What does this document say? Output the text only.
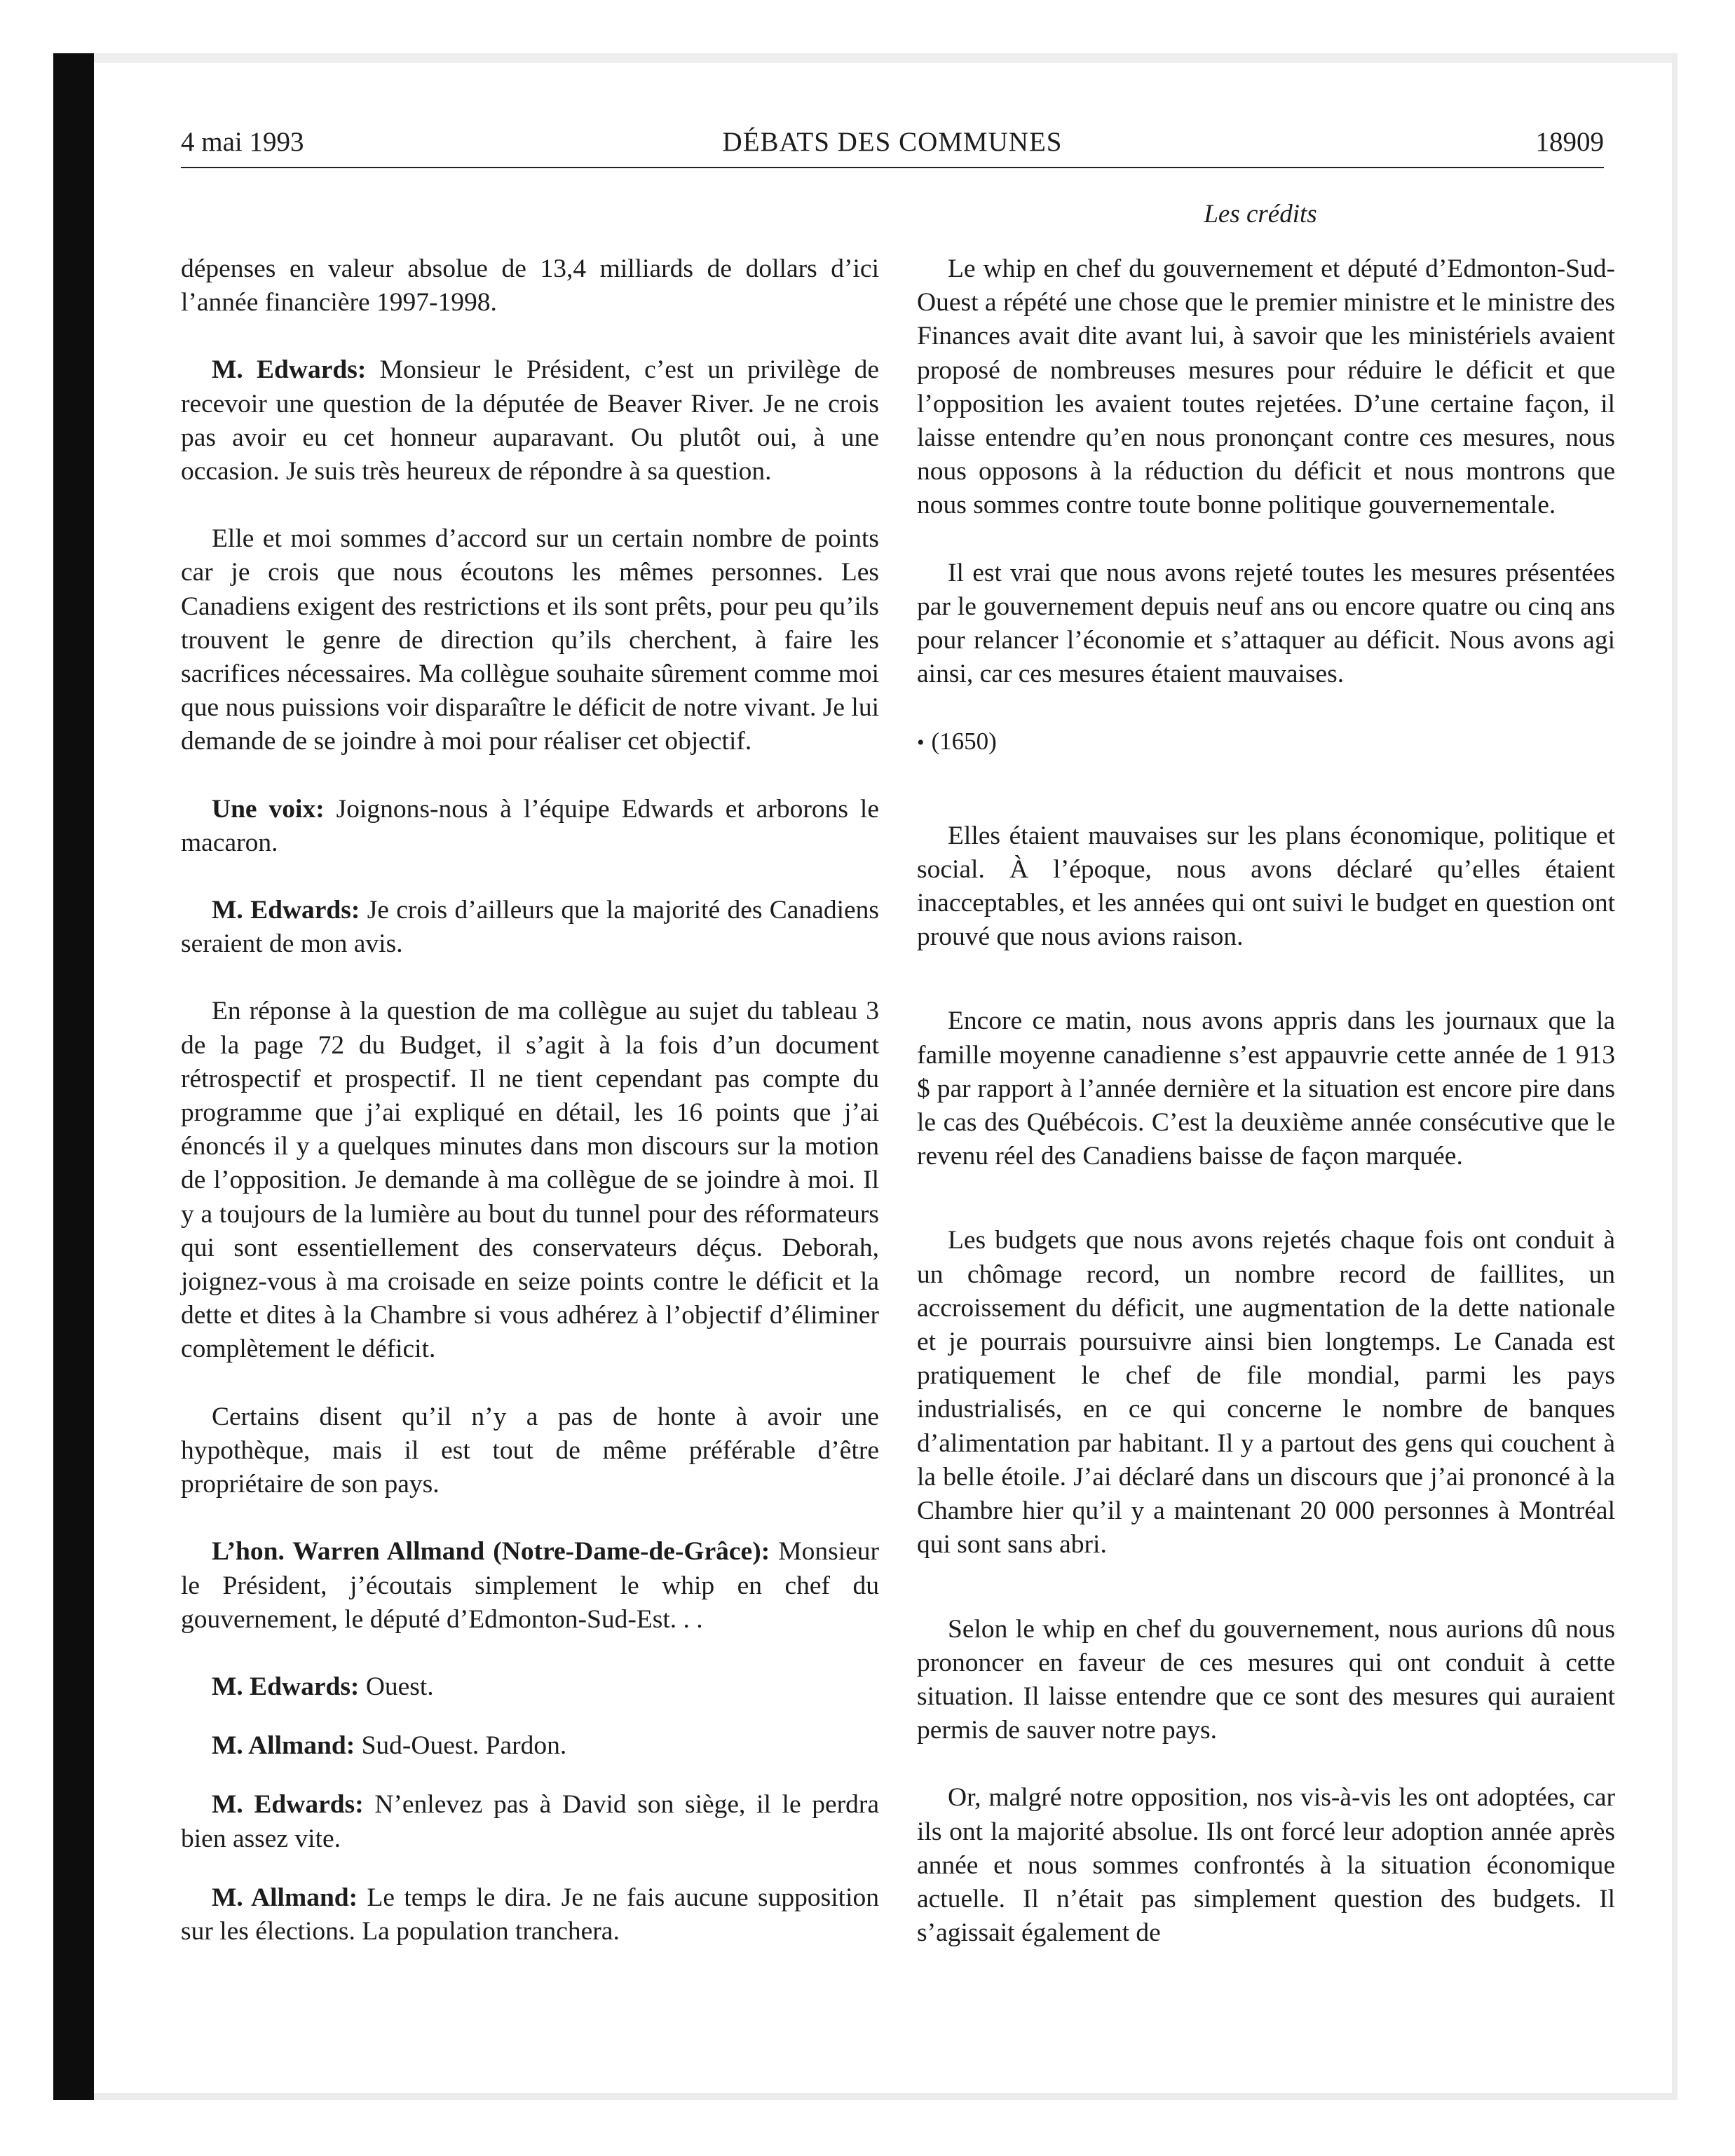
4 mai 1993	DÉBATS DES COMMUNES	18909
Les crédits

dépenses en valeur absolue de 13,4 milliards de dollars d’ici l’année financière 1997-1998.

M. Edwards: Monsieur le Président, c’est un privilège de recevoir une question de la députée de Beaver River. Je ne crois pas avoir eu cet honneur auparavant. Ou plutôt oui, à une occasion. Je suis très heureux de répondre à sa question.

Elle et moi sommes d’accord sur un certain nombre de points car je crois que nous écoutons les mêmes personnes. Les Canadiens exigent des restrictions et ils sont prêts, pour peu qu’ils trouvent le genre de direction qu’ils cherchent, à faire les sacrifices nécessaires. Ma collègue souhaite sûrement comme moi que nous puissions voir disparaître le déficit de notre vivant. Je lui demande de se joindre à moi pour réaliser cet objectif.

Une voix: Joignons-nous à l’équipe Edwards et arborons le macaron.

M. Edwards: Je crois d’ailleurs que la majorité des Canadiens seraient de mon avis.

En réponse à la question de ma collègue au sujet du tableau 3 de la page 72 du Budget, il s’agit à la fois d’un document rétrospectif et prospectif. Il ne tient cependant pas compte du programme que j’ai expliqué en détail, les 16 points que j’ai énoncés il y a quelques minutes dans mon discours sur la motion de l’opposition. Je demande à ma collègue de se joindre à moi. Il y a toujours de la lumière au bout du tunnel pour des réformateurs qui sont essentiellement des conservateurs déçus. Deborah, joignez-vous à ma croisade en seize points contre le déficit et la dette et dites à la Chambre si vous adhérez à l’objectif d’éliminer complètement le déficit.

Certains disent qu’il n’y a pas de honte à avoir une hypothèque, mais il est tout de même préférable d’être propriétaire de son pays.

L’hon. Warren Allmand (Notre-Dame-de-Grâce): Monsieur le Président, j’écoutais simplement le whip en chef du gouvernement, le député d’Edmonton-Sud-Est. . .

M. Edwards: Ouest.

M. Allmand: Sud-Ouest. Pardon.

M. Edwards: N’enlevez pas à David son siège, il le perdra bien assez vite.

M. Allmand: Le temps le dira. Je ne fais aucune supposition sur les élections. La population tranchera.

Le whip en chef du gouvernement et député d’Edmonton-Sud-Ouest a répété une chose que le premier ministre et le ministre des Finances avait dite avant lui, à savoir que les ministériels avaient proposé de nombreuses mesures pour réduire le déficit et que l’opposition les avaient toutes rejetées. D’une certaine façon, il laisse entendre qu’en nous prononçant contre ces mesures, nous nous opposons à la réduction du déficit et nous montrons que nous sommes contre toute bonne politique gouvernementale.

Il est vrai que nous avons rejeté toutes les mesures présentées par le gouvernement depuis neuf ans ou encore quatre ou cinq ans pour relancer l’économie et s’attaquer au déficit. Nous avons agi ainsi, car ces mesures étaient mauvaises.

• (1650)

Elles étaient mauvaises sur les plans économique, politique et social. À l’époque, nous avons déclaré qu’elles étaient inacceptables, et les années qui ont suivi le budget en question ont prouvé que nous avions raison.

Encore ce matin, nous avons appris dans les journaux que la famille moyenne canadienne s’est appauvrie cette année de 1 913 $ par rapport à l’année dernière et la situation est encore pire dans le cas des Québécois. C’est la deuxième année consécutive que le revenu réel des Canadiens baisse de façon marquée.

Les budgets que nous avons rejetés chaque fois ont conduit à un chômage record, un nombre record de faillites, un accroissement du déficit, une augmentation de la dette nationale et je pourrais poursuivre ainsi bien longtemps. Le Canada est pratiquement le chef de file mondial, parmi les pays industrialisés, en ce qui concerne le nombre de banques d’alimentation par habitant. Il y a partout des gens qui couchent à la belle étoile. J’ai déclaré dans un discours que j’ai prononcé à la Chambre hier qu’il y a maintenant 20 000 personnes à Montréal qui sont sans abri.

Selon le whip en chef du gouvernement, nous aurions dû nous prononcer en faveur de ces mesures qui ont conduit à cette situation. Il laisse entendre que ce sont des mesures qui auraient permis de sauver notre pays.

Or, malgré notre opposition, nos vis-à-vis les ont adoptées, car ils ont la majorité absolue. Ils ont forcé leur adoption année après année et nous sommes confrontés à la situation économique actuelle. Il n’était pas simplement question des budgets. Il s’agissait également de
